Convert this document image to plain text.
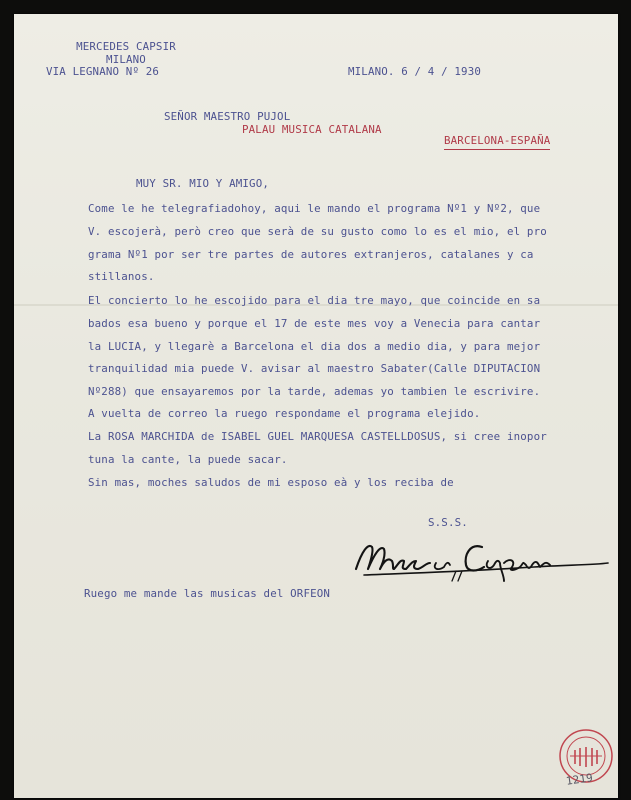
MERCEDES CAPSIR
MILANO
VIA LEGNANO Nº 26	MILANO. 6 / 4 / 1930
SEÑOR MAESTRO PUJOL
PALAU MUSICA CATALANA
BARCELONA-ESPAÑA
MUY SR. MIO Y AMIGO,
Come le he telegrafiadohoy, aqui le mando el programa Nº1 y Nº2, que
V. escojerà, però creo que serà de su gusto como lo es el mio, el pro
grama Nº1 por ser tre partes de autores extranjeros, catalanes y ca
stillanos.
El concierto lo he escojido para el dia tre mayo, que coincide en sa
bados esa bueno y porque el 17 de este mes voy a Venecia para cantar
la LUCIA, y llegarè a Barcelona el dia dos a medio dia, y para mejor
tranquilidad mia puede V. avisar al maestro Sabater(Calle DIPUTACION
Nº288) que ensayaremos por la tarde, ademas yo tambien le escrivire.
A vuelta de correo la ruego respondame el programa elejido.
La ROSA MARCHIDA de ISABEL GUEL MARQUESA CASTELLDOSUS, si cree inopor
tuna la cante, la puede sacar.
Sin mas, moches saludos de mi esposo eà y los reciba de
S.S.S.
Ruego me mande las musicas del ORFEON
1219
